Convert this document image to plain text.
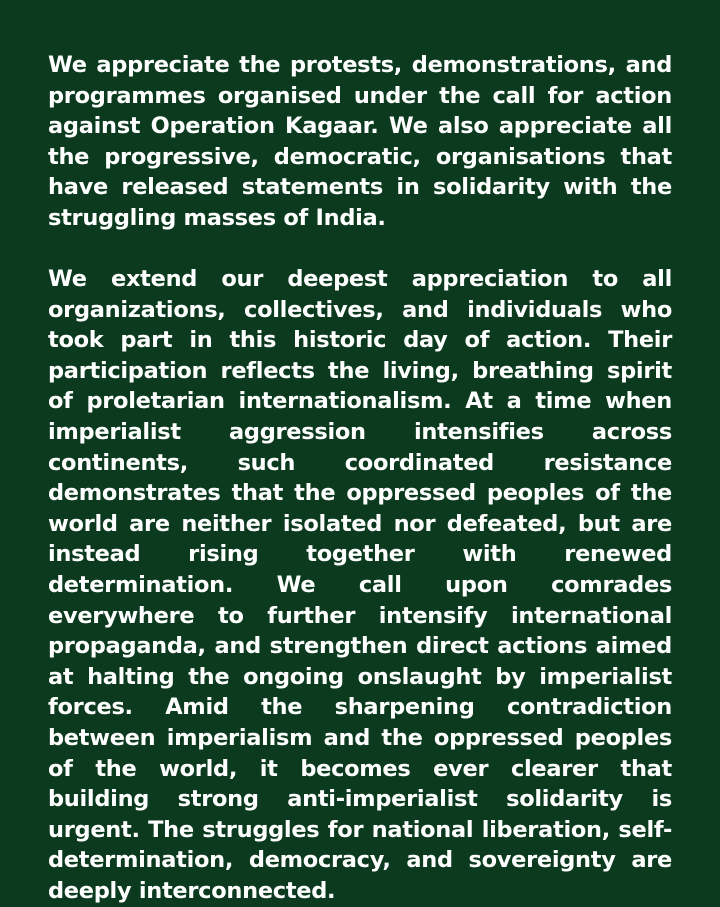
We appreciate the protests, demonstrations, and programmes organised under the call for action against Operation Kagaar. We also appreciate all the progressive, democratic, organisations that have released statements in solidarity with the struggling masses of India.

We extend our deepest appreciation to all organizations, collectives, and individuals who took part in this historic day of action. Their participation reflects the living, breathing spirit of proletarian internationalism. At a time when imperialist aggression intensifies across continents, such coordinated resistance demonstrates that the oppressed peoples of the world are neither isolated nor defeated, but are instead rising together with renewed determination. We call upon comrades everywhere to further intensify international propaganda, and strengthen direct actions aimed at halting the ongoing onslaught by imperialist forces. Amid the sharpening contradiction between imperialism and the oppressed peoples of the world, it becomes ever clearer that building strong anti-imperialist solidarity is urgent. The struggles for national liberation, self-determination, democracy, and sovereignty are deeply interconnected.
